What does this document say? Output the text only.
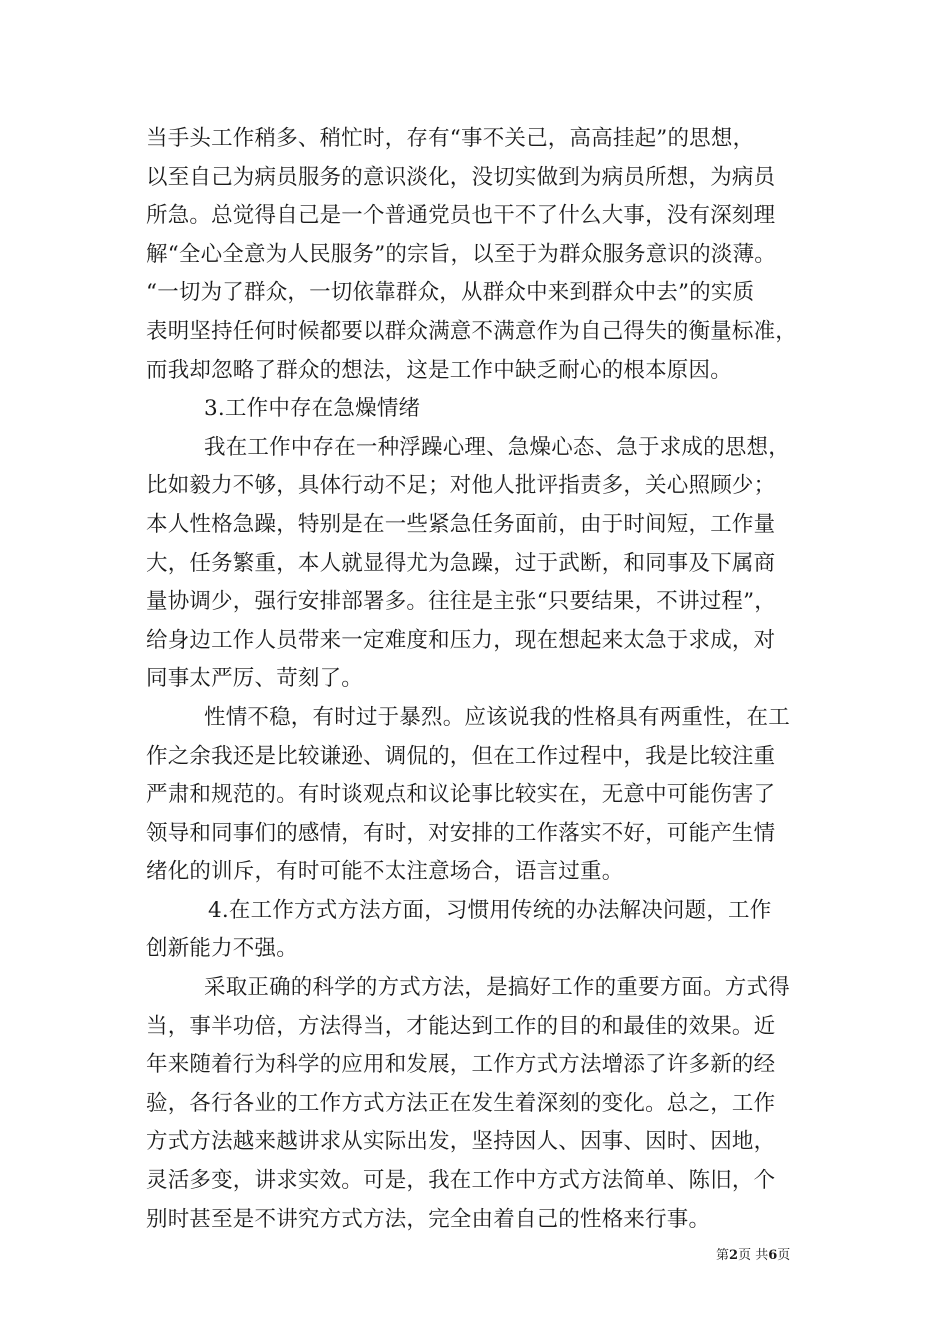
当手头工作稍多、稍忙时，存有“事不关己，高高挂起”的思想，
以至自己为病员服务的意识淡化，没切实做到为病员所想，为病员
所急。总觉得自己是一个普通党员也干不了什么大事，没有深刻理
解“全心全意为人民服务”的宗旨，以至于为群众服务意识的淡薄。
“一切为了群众，一切依靠群众，从群众中来到群众中去”的实质
表明坚持任何时候都要以群众满意不满意作为自己得失的衡量标准，
而我却忽略了群众的想法，这是工作中缺乏耐心的根本原因。
3.工作中存在急燥情绪
我在工作中存在一种浮躁心理、急燥心态、急于求成的思想，
比如毅力不够，具体行动不足；对他人批评指责多，关心照顾少；
本人性格急躁，特别是在一些紧急任务面前，由于时间短，工作量
大，任务繁重，本人就显得尤为急躁，过于武断，和同事及下属商
量协调少，强行安排部署多。往往是主张“只要结果，不讲过程”，
给身边工作人员带来一定难度和压力，现在想起来太急于求成，对
同事太严厉、苛刻了。
性情不稳，有时过于暴烈。应该说我的性格具有两重性，在工
作之余我还是比较谦逊、调侃的，但在工作过程中，我是比较注重
严肃和规范的。有时谈观点和议论事比较实在，无意中可能伤害了
领导和同事们的感情，有时，对安排的工作落实不好，可能产生情
绪化的训斥，有时可能不太注意场合，语言过重。
4.在工作方式方法方面，习惯用传统的办法解决问题，工作
创新能力不强。
采取正确的科学的方式方法，是搞好工作的重要方面。方式得
当，事半功倍，方法得当，才能达到工作的目的和最佳的效果。近
年来随着行为科学的应用和发展，工作方式方法增添了许多新的经
验，各行各业的工作方式方法正在发生着深刻的变化。总之，工作
方式方法越来越讲求从实际出发，坚持因人、因事、因时、因地，
灵活多变，讲求实效。可是，我在工作中方式方法简单、陈旧，个
别时甚至是不讲究方式方法，完全由着自己的性格来行事。
第2页 共6页
